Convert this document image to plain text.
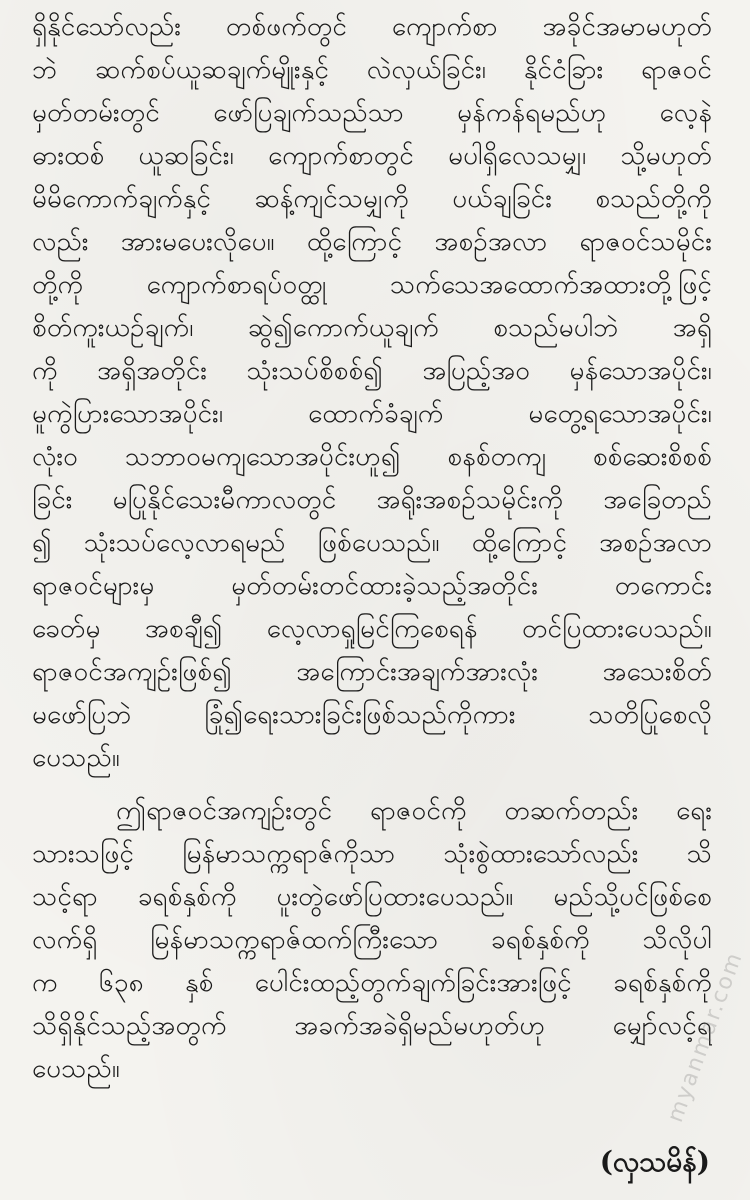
ရှိနိုင်သော်လည်း တစ်ဖက်တွင် ကျောက်စာ အခိုင်အမာမဟုတ်
ဘဲ ဆက်စပ်ယူဆချက်မျိုးနှင့် လဲလှယ်ခြင်း၊ နိုင်ငံခြား ရာဇဝင်
မှတ်တမ်းတွင် ဖော်ပြချက်သည်သာ မှန်ကန်ရမည်ဟု လေ့နဲ
ဓားထစ် ယူဆခြင်း၊ ကျောက်စာတွင် မပါရှိလေသမျှ၊ သို့မဟုတ်
မိမိကောက်ချက်နှင့် ဆန့်ကျင်သမျှကို ပယ်ချခြင်း စသည်တို့ကို
လည်း အားမပေးလိုပေ။ ထို့ကြောင့် အစဉ်အလာ ရာဇဝင်သမိုင်း
တို့ကို ကျောက်စာရပ်ဝတ္ထု သက်သေအထောက်အထားတို့ဖြင့်
စိတ်ကူးယဉ်ချက်၊ ဆွဲ၍ကောက်ယူချက် စသည်မပါဘဲ အရှိ
ကို အရှိအတိုင်း သုံးသပ်စိစစ်၍ အပြည့်အဝ မှန်သောအပိုင်း၊
မူကွဲပြားသောအပိုင်း၊ ထောက်ခံချက် မတွေ့ရသောအပိုင်း၊
လုံးဝ သဘာဝမကျသောအပိုင်းဟူ၍ စနစ်တကျ စစ်ဆေးစိစစ်
ခြင်း မပြုနိုင်သေးမီကာလတွင် အရိုးအစဉ်သမိုင်းကို အခြေတည်
၍ သုံးသပ်လေ့လာရမည် ဖြစ်ပေသည်။ ထို့ကြောင့် အစဉ်အလာ
ရာဇဝင်များမှ မှတ်တမ်းတင်ထားခဲ့သည့်အတိုင်း တကောင်း
ခေတ်မှ အစချီ၍ လေ့လာရှုမြင်ကြစေရန် တင်ပြထားပေသည်။
ရာဇဝင်အကျဉ်းဖြစ်၍ အကြောင်းအချက်အားလုံး အသေးစိတ်
မဖော်ပြဘဲ ခြုံ၍ရေးသားခြင်းဖြစ်သည်ကိုကား သတိပြုစေလို
ပေသည်။

ဤရာဇဝင်အကျဉ်းတွင် ရာဇဝင်ကို တဆက်တည်း ရေး
သားသဖြင့် မြန်မာသက္ကရာဇ်ကိုသာ သုံးစွဲထားသော်လည်း သိ
သင့်ရာ ခရစ်နှစ်ကို ပူးတွဲဖော်ပြထားပေသည်။ မည်သို့ပင်ဖြစ်စေ
လက်ရှိ မြန်မာသက္ကရာဇ်ထက်ကြီးသော ခရစ်နှစ်ကို သိလိုပါ
က ၆၃၈ နှစ် ပေါင်းထည့်တွက်ချက်ခြင်းအားဖြင့် ခရစ်နှစ်ကို
သိရှိနိုင်သည့်အတွက် အခက်အခဲရှိမည်မဟုတ်ဟု မျှော်လင့်ရ
ပေသည်။

(လှသမိန်)
myanmar.com
